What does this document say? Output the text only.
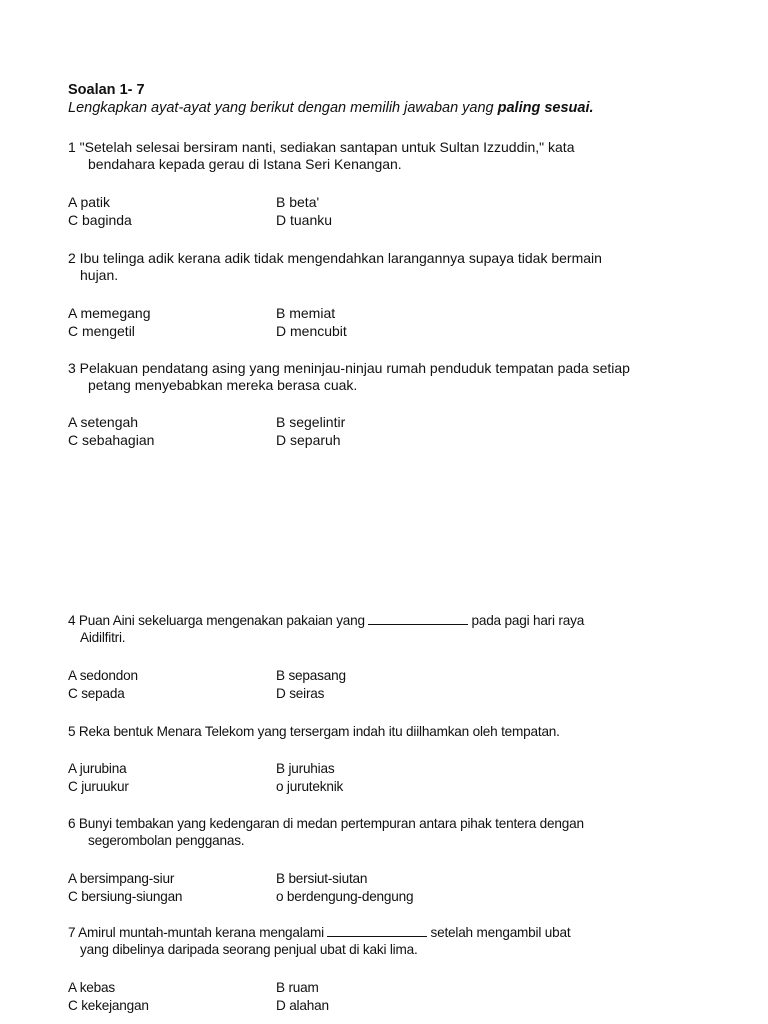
Soalan 1- 7
Lengkapkan ayat-ayat yang berikut dengan memilih jawaban yang paling sesuai.
1 "Setelah selesai bersiram nanti, sediakan santapan untuk Sultan Izzuddin," kata
bendahara kepada gerau di Istana Seri Kenangan.
A patik	B beta'
C baginda	D tuanku
2 Ibu telinga adik kerana adik tidak mengendahkan larangannya supaya tidak bermain
hujan.
A memegang	B memiat
C mengetil	D mencubit
3 Pelakuan pendatang asing yang meninjau-ninjau rumah penduduk tempatan pada setiap
petang menyebabkan mereka berasa cuak.
A setengah	B segelintir
C sebahagian	D separuh
4 Puan Aini sekeluarga mengenakan pakaian yang	pada pagi hari raya
Aidilfitri.
A sedondon	B sepasang
C sepada	D seiras
5 Reka bentuk Menara Telekom yang tersergam indah itu diilhamkan oleh tempatan.
A jurubina	B juruhias
C juruukur	o juruteknik
6 Bunyi tembakan yang kedengaran di medan pertempuran antara pihak tentera dengan
segerombolan pengganas.
A bersimpang-siur	B bersiut-siutan
C bersiung-siungan	o berdengung-dengung
7 Amirul muntah-muntah kerana mengalami	setelah mengambil ubat
yang dibelinya daripada seorang penjual ubat di kaki lima.
A kebas	B ruam
C kekejangan	D alahan
